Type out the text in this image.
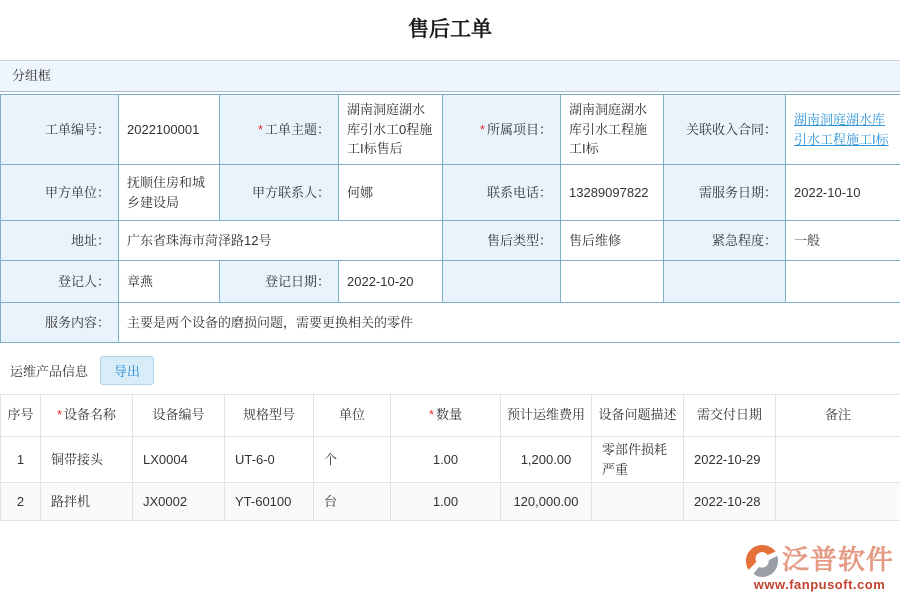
售后工单
分组框
工单编号：	2022100001	* 工单主题：	湖南洞庭湖水库引水工0程施工I标售后	* 所属项目：	湖南洞庭湖水库引水工程施工I标	关联收入合同：	湖南洞庭湖水库引水工程施工I标
甲方单位：	抚顺住房和城乡建设局	甲方联系人：	何娜	联系电话：	13289097822	需服务日期：	2022-10-10
地址：	广东省珠海市菏泽路12号			售后类型：	售后维修	紧急程度：	一般
登记人：	章燕	登记日期：	2022-10-20				
服务内容：	主要是两个设备的磨损问题，需要更换相关的零件						
运维产品信息	导出
序号	* 设备名称	设备编号	规格型号	单位	* 数量	预计运维费用	设备问题描述	需交付日期	备注
1	铜带接头	LX0004	UT-6-0	个	1.00	1,200.00	零部件损耗严重	2022-10-29	
2	路拌机	JX0002	YT-60100	台	1.00	120,000.00		2022-10-28	
泛普软件
www.fanpusoft.com
